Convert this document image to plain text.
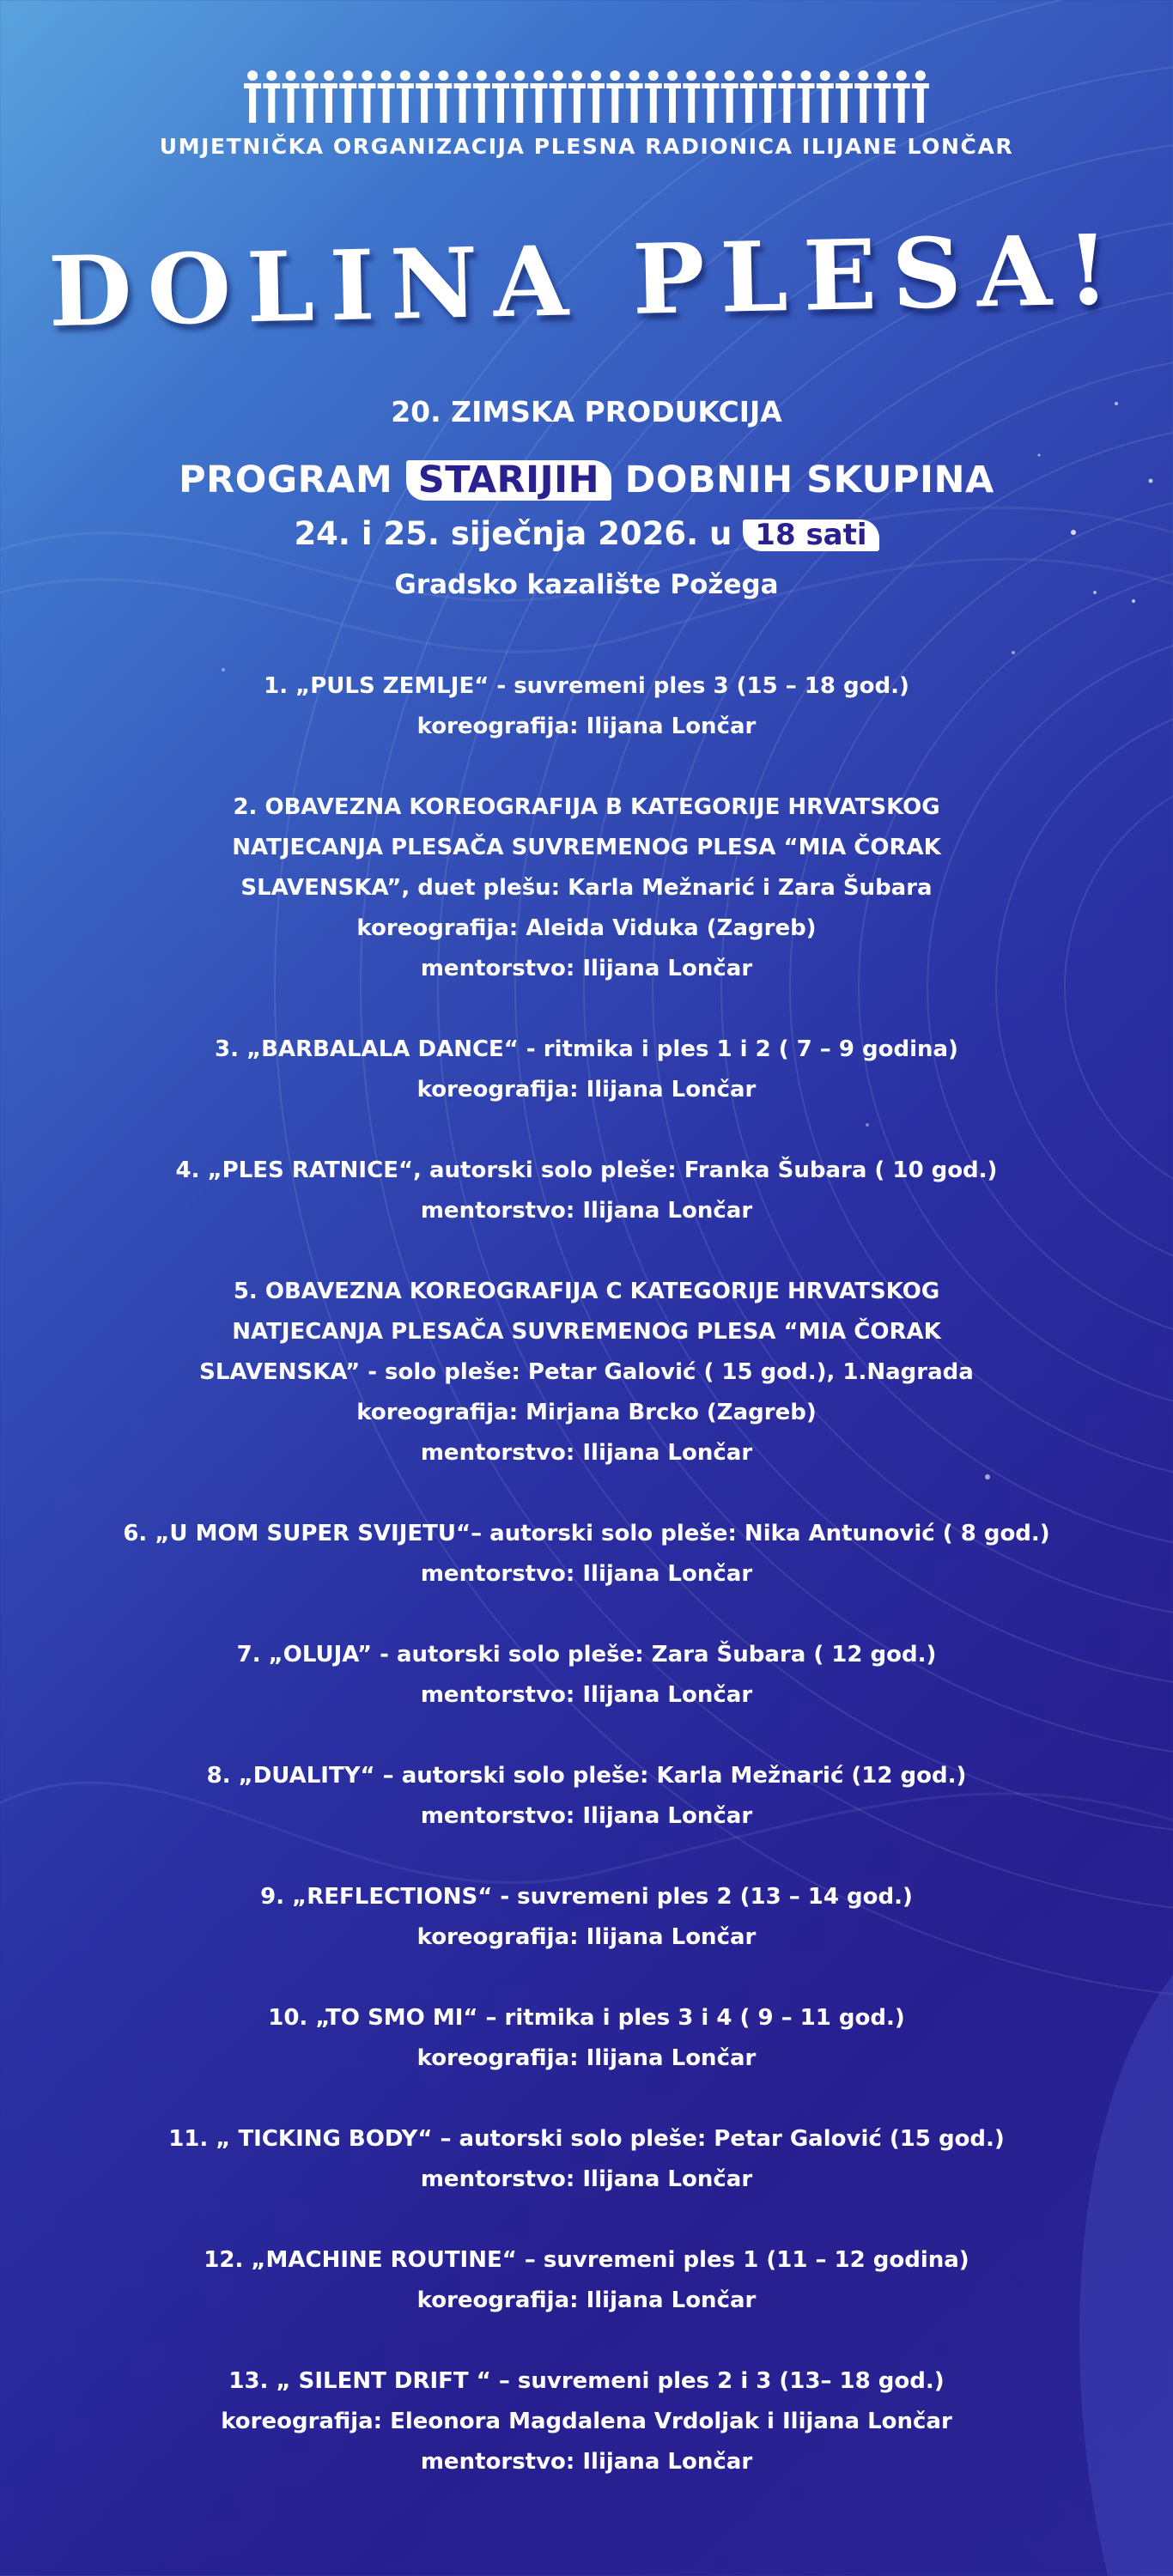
UMJETNIČKA ORGANIZACIJA PLESNA RADIONICA ILIJANE LONČAR
DOLINA PLESA!
20. ZIMSKA PRODUKCIJA
PROGRAM STARIJIH DOBNIH SKUPINA
24. i 25. siječnja 2026. u 18 sati
Gradsko kazalište Požega
1. „PULS ZEMLJE“ - suvremeni ples 3 (15 – 18 god.)
koreografija: Ilijana Lončar
2. OBAVEZNA KOREOGRAFIJA B KATEGORIJE HRVATSKOG
NATJECANJA PLESAČA SUVREMENOG PLESA “MIA ČORAK
SLAVENSKA”, duet plešu: Karla Mežnarić i Zara Šubara
koreografija: Aleida Viduka (Zagreb)
mentorstvo: Ilijana Lončar
3. „BARBALALA DANCE“ - ritmika i ples 1 i 2 ( 7 – 9 godina)
koreografija: Ilijana Lončar
4. „PLES RATNICE“, autorski solo pleše: Franka Šubara ( 10 god.)
mentorstvo: Ilijana Lončar
5. OBAVEZNA KOREOGRAFIJA C KATEGORIJE HRVATSKOG
NATJECANJA PLESAČA SUVREMENOG PLESA “MIA ČORAK
SLAVENSKA” - solo pleše: Petar Galović ( 15 god.), 1.Nagrada
koreografija: Mirjana Brcko (Zagreb)
mentorstvo: Ilijana Lončar
6. „U MOM SUPER SVIJETU“– autorski solo pleše: Nika Antunović ( 8 god.)
mentorstvo: Ilijana Lončar
7. „OLUJA” - autorski solo pleše: Zara Šubara ( 12 god.)
mentorstvo: Ilijana Lončar
8. „DUALITY“ – autorski solo pleše: Karla Mežnarić (12 god.)
mentorstvo: Ilijana Lončar
9. „REFLECTIONS“ - suvremeni ples 2 (13 – 14 god.)
koreografija: Ilijana Lončar
10. „TO SMO MI“ – ritmika i ples 3 i 4 ( 9 – 11 god.)
koreografija: Ilijana Lončar
11. „ TICKING BODY“ – autorski solo pleše: Petar Galović (15 god.)
mentorstvo: Ilijana Lončar
12. „MACHINE ROUTINE“ – suvremeni ples 1 (11 – 12 godina)
koreografija: Ilijana Lončar
13. „ SILENT DRIFT “ – suvremeni ples 2 i 3 (13– 18 god.)
koreografija: Eleonora Magdalena Vrdoljak i Ilijana Lončar
mentorstvo: Ilijana Lončar
